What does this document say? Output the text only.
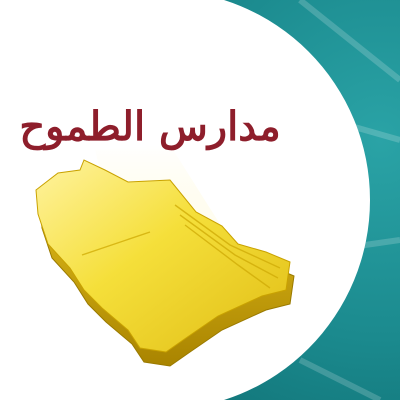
مدارس الطموح
